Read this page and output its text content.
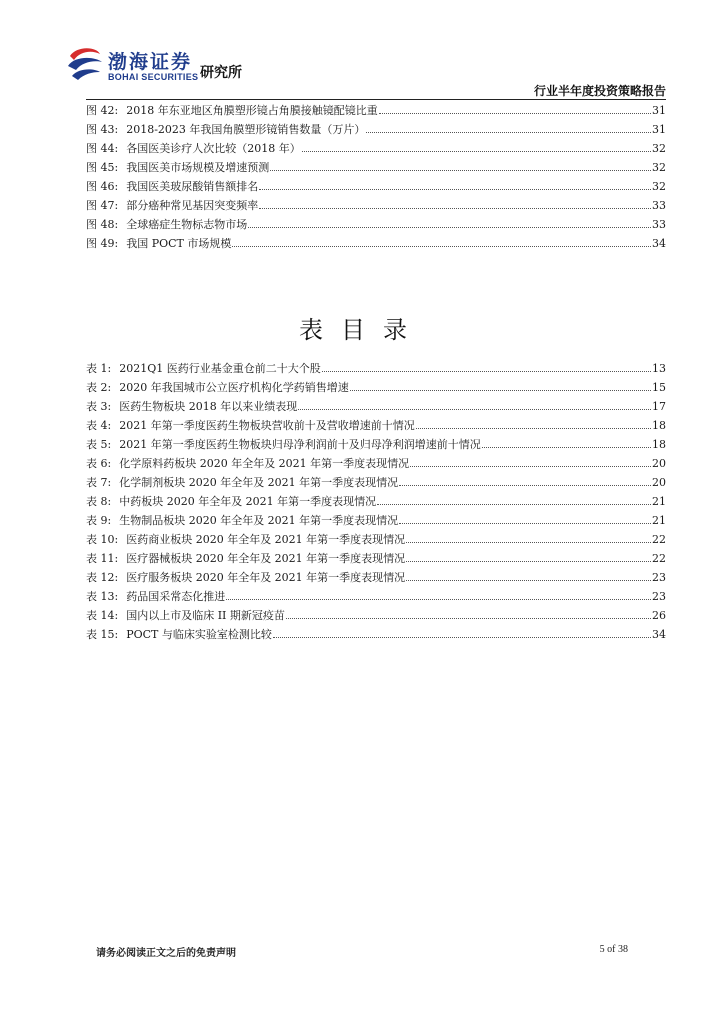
渤海证券
BOHAI SECURITIES 研究所
行业半年度投资策略报告
图 42: 2018 年东亚地区角膜塑形镜占角膜接触镜配镜比重	31
图 43: 2018-2023 年我国角膜塑形镜销售数量（万片）	31
图 44: 各国医美诊疗人次比较（2018 年）	32
图 45: 我国医美市场规模及增速预测	32
图 46: 我国医美玻尿酸销售额排名	32
图 47: 部分癌种常见基因突变频率	33
图 48: 全球癌症生物标志物市场	33
图 49: 我国 POCT 市场规模	34
表目录
表 1: 2021Q1 医药行业基金重仓前二十大个股	13
表 2: 2020 年我国城市公立医疗机构化学药销售增速	15
表 3: 医药生物板块 2018 年以来业绩表现	17
表 4: 2021 年第一季度医药生物板块营收前十及营收增速前十情况	18
表 5: 2021 年第一季度医药生物板块归母净利润前十及归母净利润增速前十情况	18
表 6: 化学原料药板块 2020 年全年及 2021 年第一季度表现情况	20
表 7: 化学制剂板块 2020 年全年及 2021 年第一季度表现情况	20
表 8: 中药板块 2020 年全年及 2021 年第一季度表现情况	21
表 9: 生物制品板块 2020 年全年及 2021 年第一季度表现情况	21
表 10: 医药商业板块 2020 年全年及 2021 年第一季度表现情况	22
表 11: 医疗器械板块 2020 年全年及 2021 年第一季度表现情况	22
表 12: 医疗服务板块 2020 年全年及 2021 年第一季度表现情况	23
表 13: 药品国采常态化推进	23
表 14: 国内以上市及临床 II 期新冠疫苗	26
表 15: POCT 与临床实验室检测比较	34
请务必阅读正文之后的免责声明	5 of 38
